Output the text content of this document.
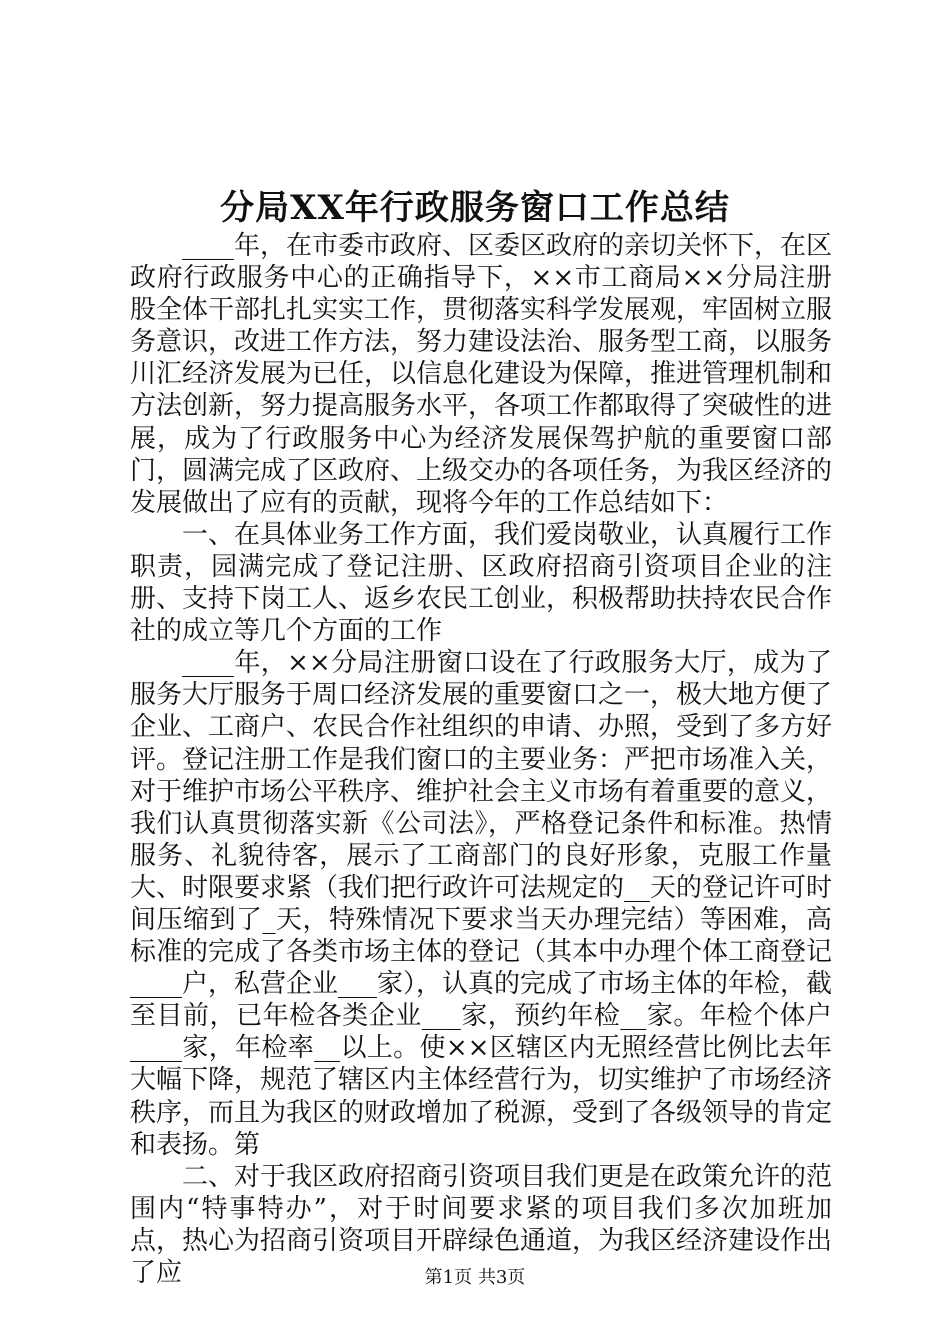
分局XX年行政服务窗口工作总结

____年，在市委市政府、区委区政府的亲切关怀下，在区政府行政服务中心的正确指导下，××市工商局××分局注册股全体干部扎扎实实工作，贯彻落实科学发展观，牢固树立服务意识，改进工作方法，努力建设法治、服务型工商，以服务川汇经济发展为已任，以信息化建设为保障，推进管理机制和方法创新，努力提高服务水平，各项工作都取得了突破性的进展，成为了行政服务中心为经济发展保驾护航的重要窗口部门，圆满完成了区政府、上级交办的各项任务，为我区经济的发展做出了应有的贡献，现将今年的工作总结如下：

一、在具体业务工作方面，我们爱岗敬业，认真履行工作职责，园满完成了登记注册、区政府招商引资项目企业的注册、支持下岗工人、返乡农民工创业，积极帮助扶持农民合作社的成立等几个方面的工作

____年，××分局注册窗口设在了行政服务大厅，成为了服务大厅服务于周口经济发展的重要窗口之一，极大地方便了企业、工商户、农民合作社组织的申请、办照，受到了多方好评。登记注册工作是我们窗口的主要业务：严把市场准入关，对于维护市场公平秩序、维护社会主义市场有着重要的意义，我们认真贯彻落实新《公司法》，严格登记条件和标准。热情服务、礼貌待客，展示了工商部门的良好形象，克服工作量大、时限要求紧（我们把行政许可法规定的__天的登记许可时间压缩到了_天，特殊情况下要求当天办理完结）等困难，高标准的完成了各类市场主体的登记（其本中办理个体工商登记____户，私营企业___家），认真的完成了市场主体的年检，截至目前，已年检各类企业___家，预约年检__家。年检个体户____家，年检率__以上。使××区辖区内无照经营比例比去年大幅下降，规范了辖区内主体经营行为，切实维护了市场经济秩序，而且为我区的财政增加了税源，受到了各级领导的肯定和表扬。第

二、对于我区政府招商引资项目我们更是在政策允许的范围内“特事特办”，对于时间要求紧的项目我们多次加班加点，热心为招商引资项目开辟绿色通道，为我区经济建设作出了应	第1页 共3页
